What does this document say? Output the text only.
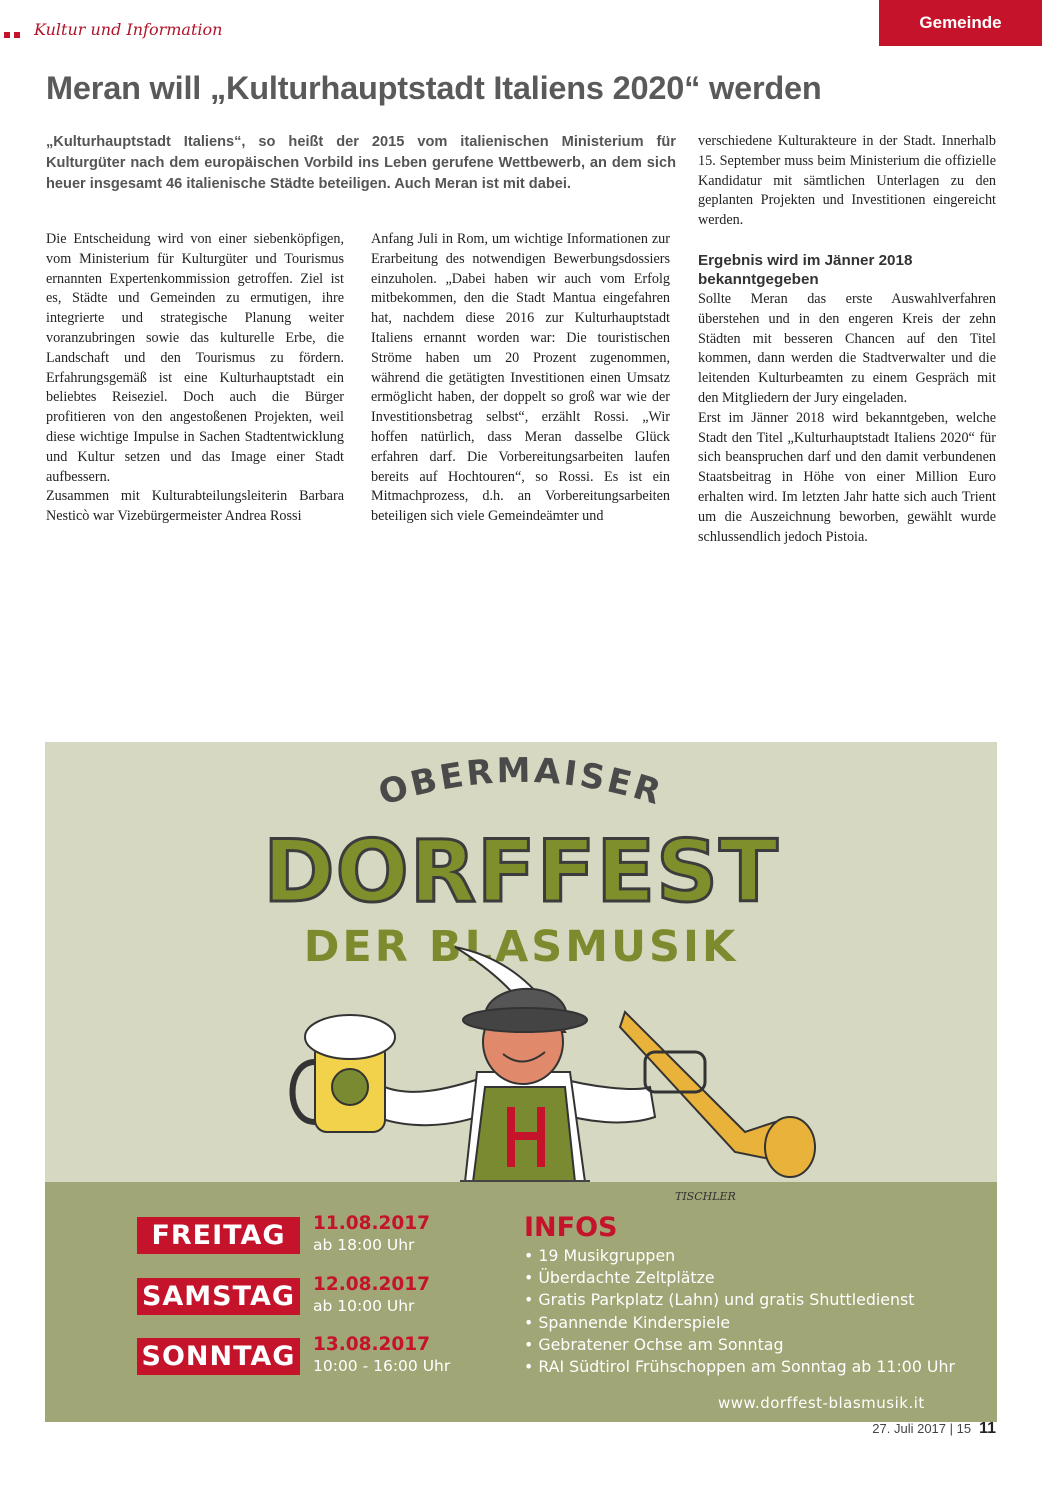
Kultur und Information	Gemeinde
Meran will „Kulturhauptstadt Italiens 2020“ werden
„Kulturhauptstadt Italiens“, so heißt der 2015 vom italienischen Ministerium für Kulturgüter nach dem europäischen Vorbild ins Leben gerufene Wettbewerb, an dem sich heuer insgesamt 46 italienische Städte beteiligen. Auch Meran ist mit dabei.

Die Entscheidung wird von einer siebenköpfigen, vom Ministerium für Kulturgüter und Tourismus ernannten Expertenkommission getroffen. Ziel ist es, Städte und Gemeinden zu ermutigen, ihre integrierte und strategische Planung weiter voranzubringen sowie das kulturelle Erbe, die Landschaft und den Tourismus zu fördern. Erfahrungsgemäß ist eine Kulturhauptstadt ein beliebtes Reiseziel. Doch auch die Bürger profitieren von den angestoßenen Projekten, weil diese wichtige Impulse in Sachen Stadtentwicklung und Kultur setzen und das Image einer Stadt aufbessern.

Zusammen mit Kulturabteilungsleiterin Barbara Nesticò war Vizebürgermeister Andrea Rossi

Anfang Juli in Rom, um wichtige Informationen zur Erarbeitung des notwendigen Bewerbungsdossiers einzuholen. „Dabei haben wir auch vom Erfolg mitbekommen, den die Stadt Mantua eingefahren hat, nachdem diese 2016 zur Kulturhauptstadt Italiens ernannt worden war: Die touristischen Ströme haben um 20 Prozent zugenommen, während die getätigten Investitionen einen Umsatz ermöglicht haben, der doppelt so groß war wie der Investitionsbetrag selbst“, erzählt Rossi. „Wir hoffen natürlich, dass Meran dasselbe Glück erfahren darf. Die Vorbereitungsarbeiten laufen bereits auf Hochtouren“, so Rossi. Es ist ein Mitmachprozess, d.h. an Vorbereitungsarbeiten beteiligen sich viele Gemeindeämter und

verschiedene Kulturakteure in der Stadt. Innerhalb 15. September muss beim Ministerium die offizielle Kandidatur mit sämtlichen Unterlagen zu den geplanten Projekten und Investitionen eingereicht werden.

Ergebnis wird im Jänner 2018 bekanntgegeben

Sollte Meran das erste Auswahlverfahren überstehen und in den engeren Kreis der zehn Städten mit besseren Chancen auf den Titel kommen, dann werden die Stadtverwalter und die leitenden Kulturbeamten zu einem Gespräch mit den Mitgliedern der Jury eingeladen.

Erst im Jänner 2018 wird bekanntgeben, welche Stadt den Titel „Kulturhauptstadt Italiens 2020“ für sich beanspruchen darf und den damit verbundenen Staatsbeitrag in Höhe von einer Million Euro erhalten wird. Im letzten Jahr hatte sich auch Trient um die Auszeichnung beworben, gewählt wurde schlussendlich jedoch Pistoia.

OBERMAISER
DORFFEST
DER BLASMUSIK
TISCHLER
FREITAG	11.08.2017
ab 18:00 Uhr
SAMSTAG 12.08.2017
ab 10:00 Uhr
SONNTAG 13.08.2017
10:00 - 16:00 Uhr
INFOS
• 19 Musikgruppen
• Überdachte Zeltplätze
• Gratis Parkplatz (Lahn) und gratis Shuttledienst
• Spannende Kinderspiele
• Gebratener Ochse am Sonntag
• RAI Südtirol Frühschoppen am Sonntag ab 11:00 Uhr
www.dorffest-blasmusik.it
27. Juli 2017 | 15 11
